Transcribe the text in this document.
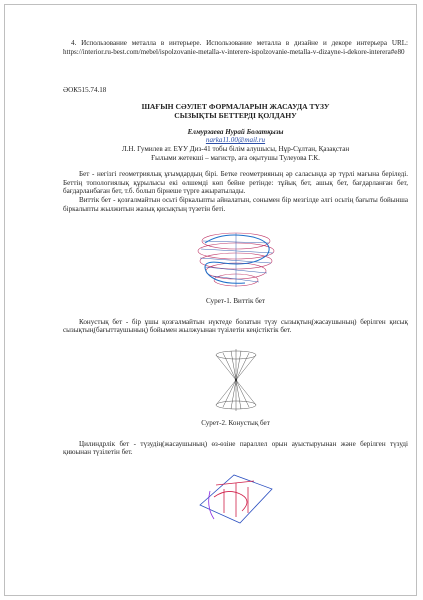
4. Использование металла в интерьере. Использование металла в дизайне и декоре интерьера URL: https://interior.ru-best.com/mebel/ispolzovanie-metalla-v-interere-ispolzovanie-metalla-v-dizayne-i-dekore-interera#e80

ӘОК515.74.18

ШАҒЫН СӘУЛЕТ ФОРМАЛАРЫН ЖАСАУДА ТҮЗУ

СЫЗЫҚТЫ БЕТТЕРДІ ҚОЛДАНУ

Елмурзаева Нурай Болатқызы

narka11.00@mail.ru

Л.Н. Гумилев ат. ЕҰУ Диз-41 тобы білім алушысы, Нұр-Сұлтан, Қазақстан

Ғылыми жетекші – магистр, аға оқытушы Тулеуова Г.К.

Бет - негізгі геометриялық ұғымдардың бірі. Бетке геометрияның әр саласында әр түрлі мағына беріледі. Беттің топологиялық құрылысы екі өлшемді көп бейне ретінде: тұйық бет, ашық бет, бағдарланған бет, бағдарланбаған бет, т.б. болып бірнеше түрге ажыратылады.

Виттік бет - қозғалмайтын осьті біркалыпты айналатын, сонымен бір мезгілде әлгі осьтің бағыты бойынша біркалыпты жылжитын жазық қисықтың түзетін беті.

Сурет-1. Виттік бет

Конустық бет - бір ұшы қозғалмайтын нүктеде болатын түзу сызықтың(жасаушының) берілген қисық сызықтың(бағыттаушының) бойымен жылжуынан түзілетін кеңістіктік бет.

Сурет-2. Конустық бет

Цилиндрлік бет - түзудің(жасаушының) өз-өзіне параллел орын ауыстыруынан және берілген түзуді қиюынан түзілетін бет.
